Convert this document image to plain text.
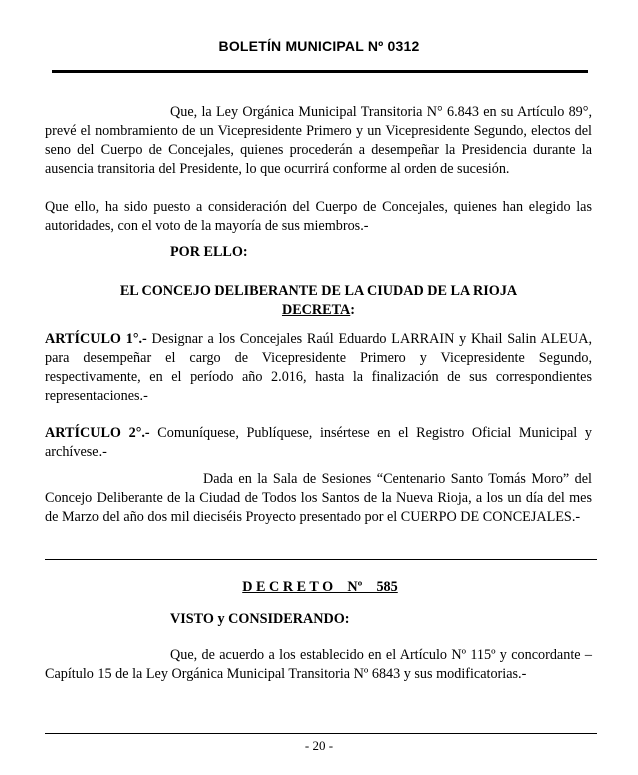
BOLETÍN MUNICIPAL Nº 0312
Que, la Ley Orgánica Municipal Transitoria N° 6.843 en su Artículo 89°, prevé el nombramiento de un Vicepresidente Primero y un Vicepresidente Segundo, electos del seno del Cuerpo de Concejales, quienes procederán a desempeñar la Presidencia durante la ausencia transitoria del Presidente, lo que ocurrirá conforme al orden de sucesión.
Que ello, ha sido puesto a consideración del Cuerpo de Concejales, quienes han elegido las autoridades, con el voto de la mayoría de sus miembros.-
POR ELLO:
EL CONCEJO DELIBERANTE DE LA CIUDAD DE LA RIOJA
DECRETA:
ARTÍCULO 1°.- Designar a los Concejales Raúl Eduardo LARRAIN y Khail Salin ALEUA, para desempeñar el cargo de Vicepresidente Primero y Vicepresidente Segundo, respectivamente, en el período año 2.016, hasta la finalización de sus correspondientes representaciones.-
ARTÍCULO 2°.- Comuníquese, Publíquese, insértese en el Registro Oficial Municipal y archívese.-
Dada en la Sala de Sesiones “Centenario Santo Tomás Moro” del Concejo Deliberante de la Ciudad de Todos los Santos de la Nueva Rioja, a los un día del mes de Marzo del año dos mil dieciséis Proyecto presentado por el CUERPO DE CONCEJALES.-
D E C R E T O    Nº    585
VISTO y CONSIDERANDO:
Que, de acuerdo a los establecido en el Artículo Nº 115º y concordante – Capítulo 15 de la Ley Orgánica Municipal Transitoria Nº 6843 y sus modificatorias.-
- 20 -
